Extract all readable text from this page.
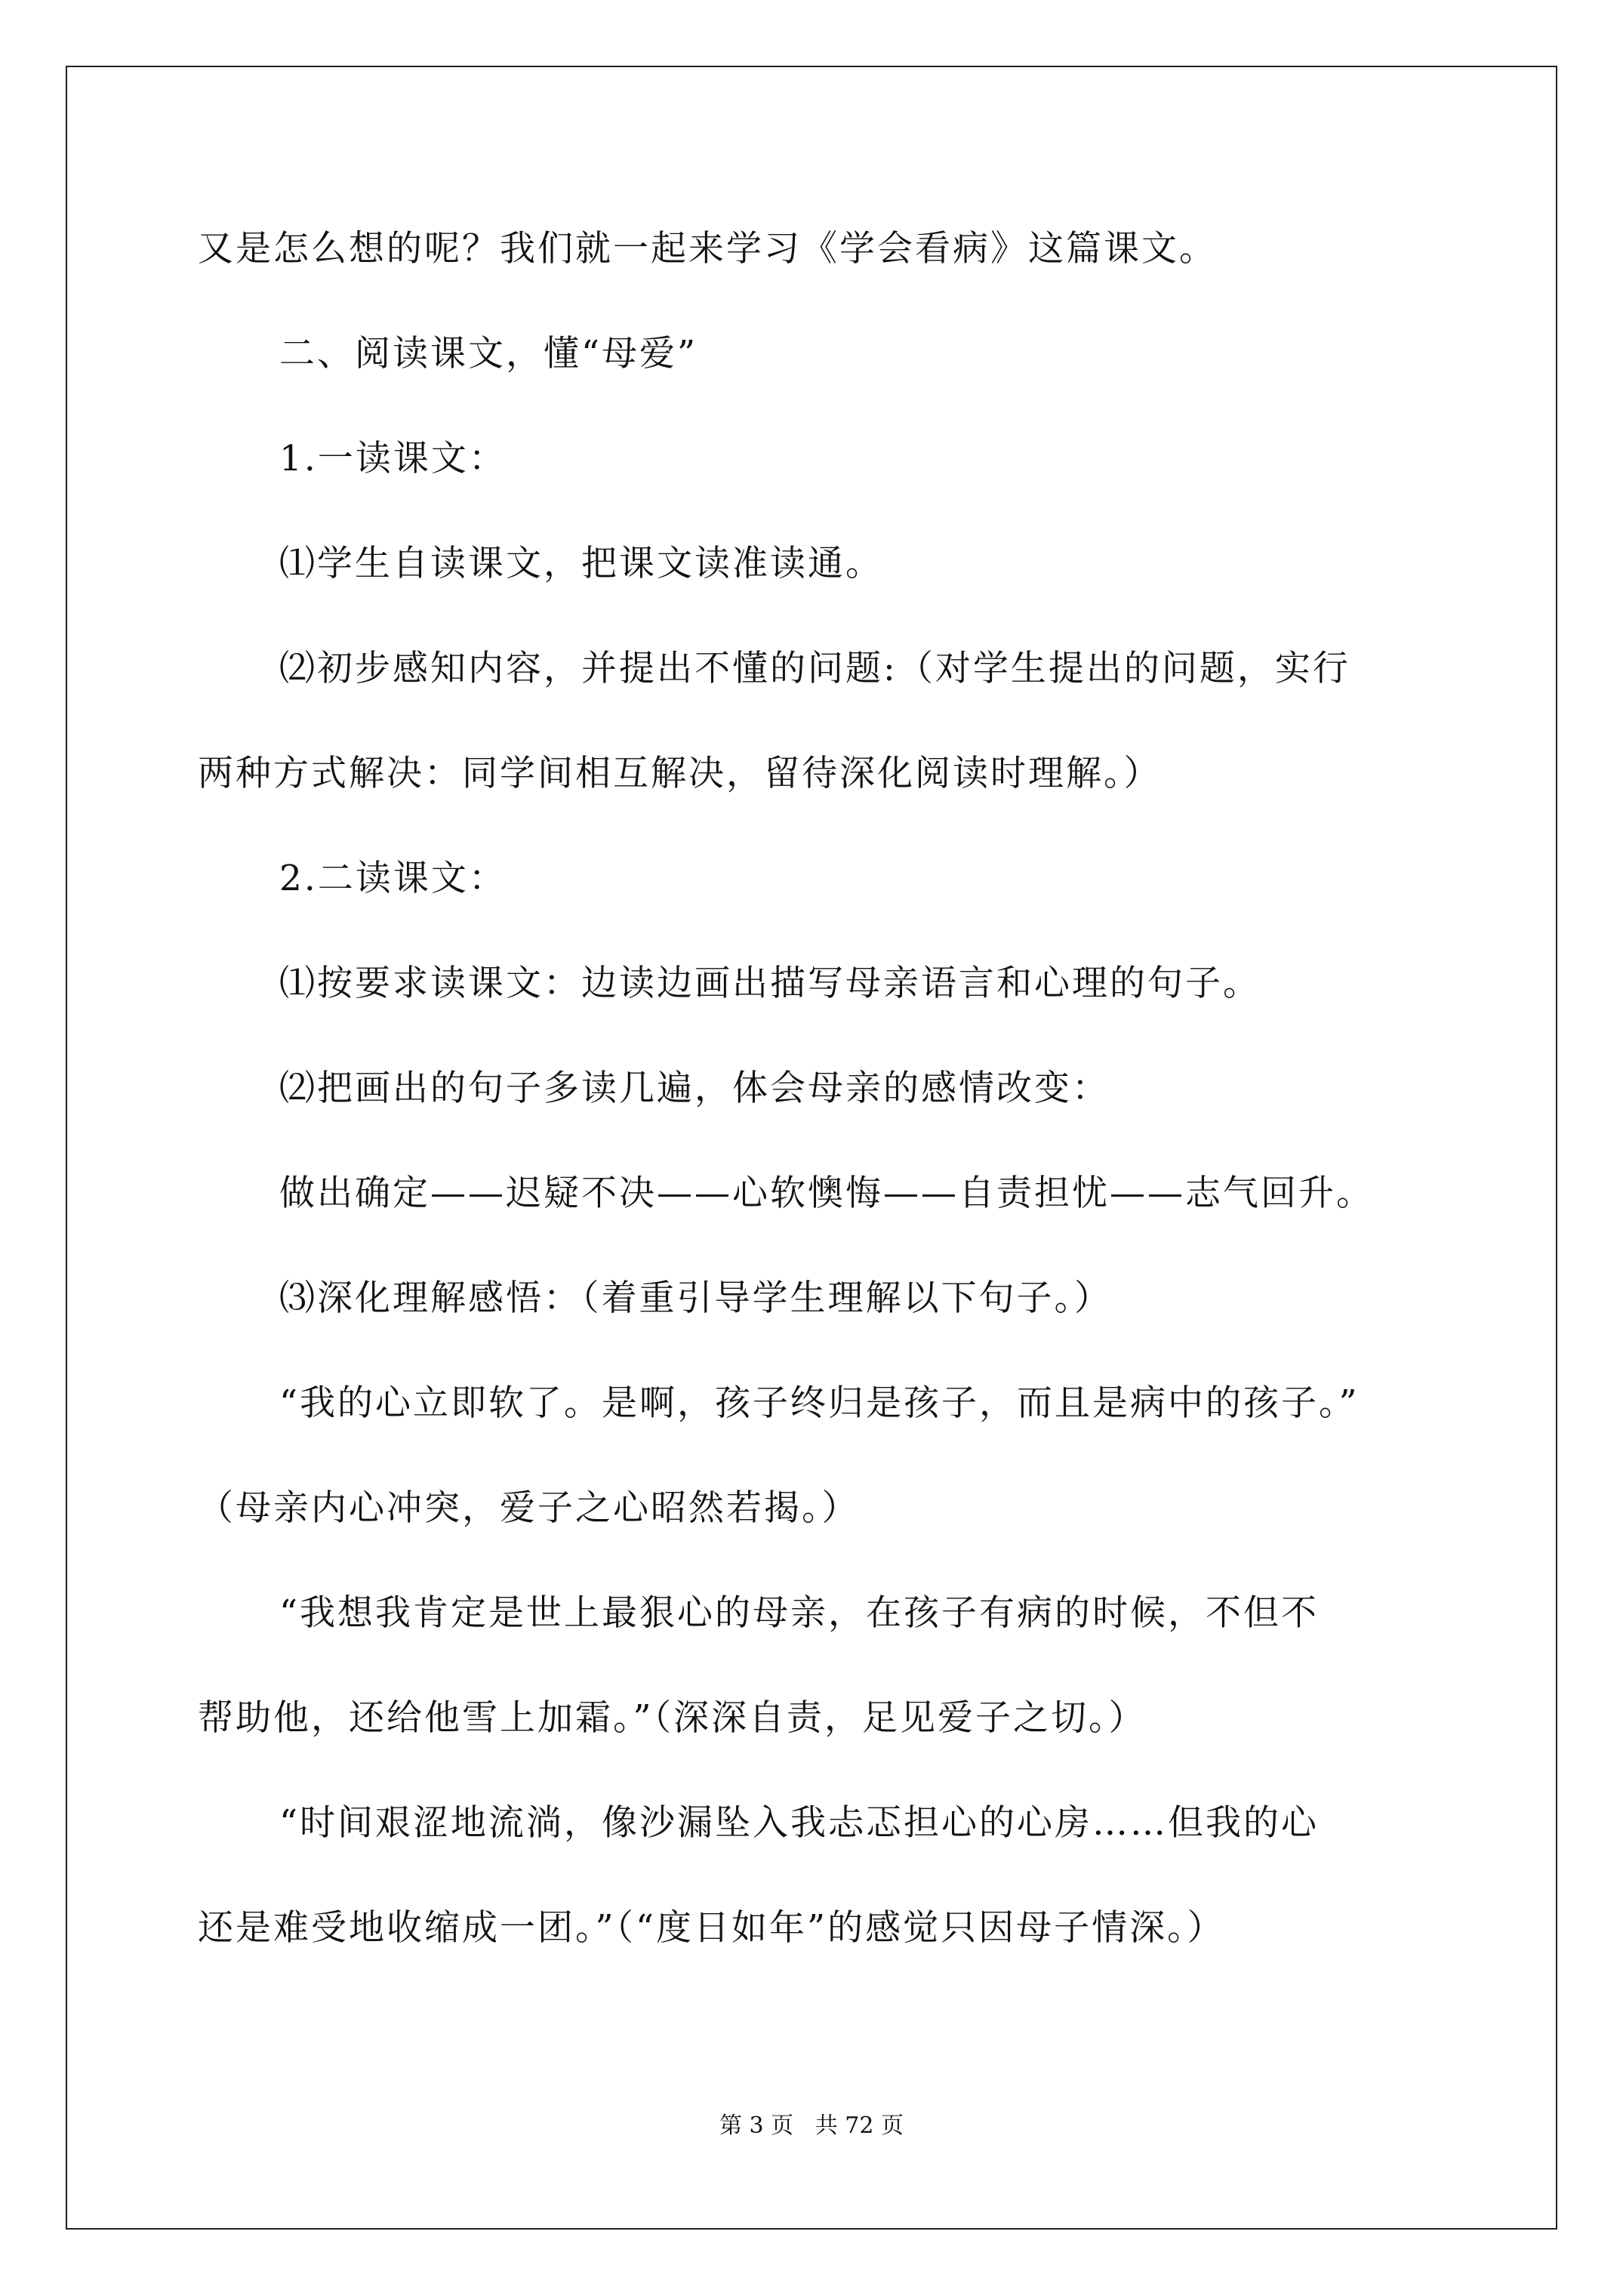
又是怎么想的呢？我们就一起来学习《学会看病》这篇课文。

二、阅读课文，懂“母爱”

1.一读课文：

⑴学生自读课文，把课文读准读通。

⑵初步感知内容，并提出不懂的问题:（对学生提出的问题，实行

两种方式解决：同学间相互解决，留待深化阅读时理解。）

2.二读课文：

⑴按要求读课文：边读边画出描写母亲语言和心理的句子。

⑵把画出的句子多读几遍，体会母亲的感情改变：

做出确定——迟疑不决——心软懊悔——自责担忧——志气回升。

⑶深化理解感悟：（着重引导学生理解以下句子。）

“我的心立即软了。是啊，孩子终归是孩子，而且是病中的孩子。”

（母亲内心冲突，爱子之心昭然若揭。）

“我想我肯定是世上最狠心的母亲，在孩子有病的时候，不但不

帮助他，还给他雪上加霜。”（深深自责，足见爱子之切。）

“时间艰涩地流淌，像沙漏坠入我忐忑担心的心房……但我的心

还是难受地收缩成一团。”（“度日如年”的感觉只因母子情深。）

第 3 页   共 72 页
